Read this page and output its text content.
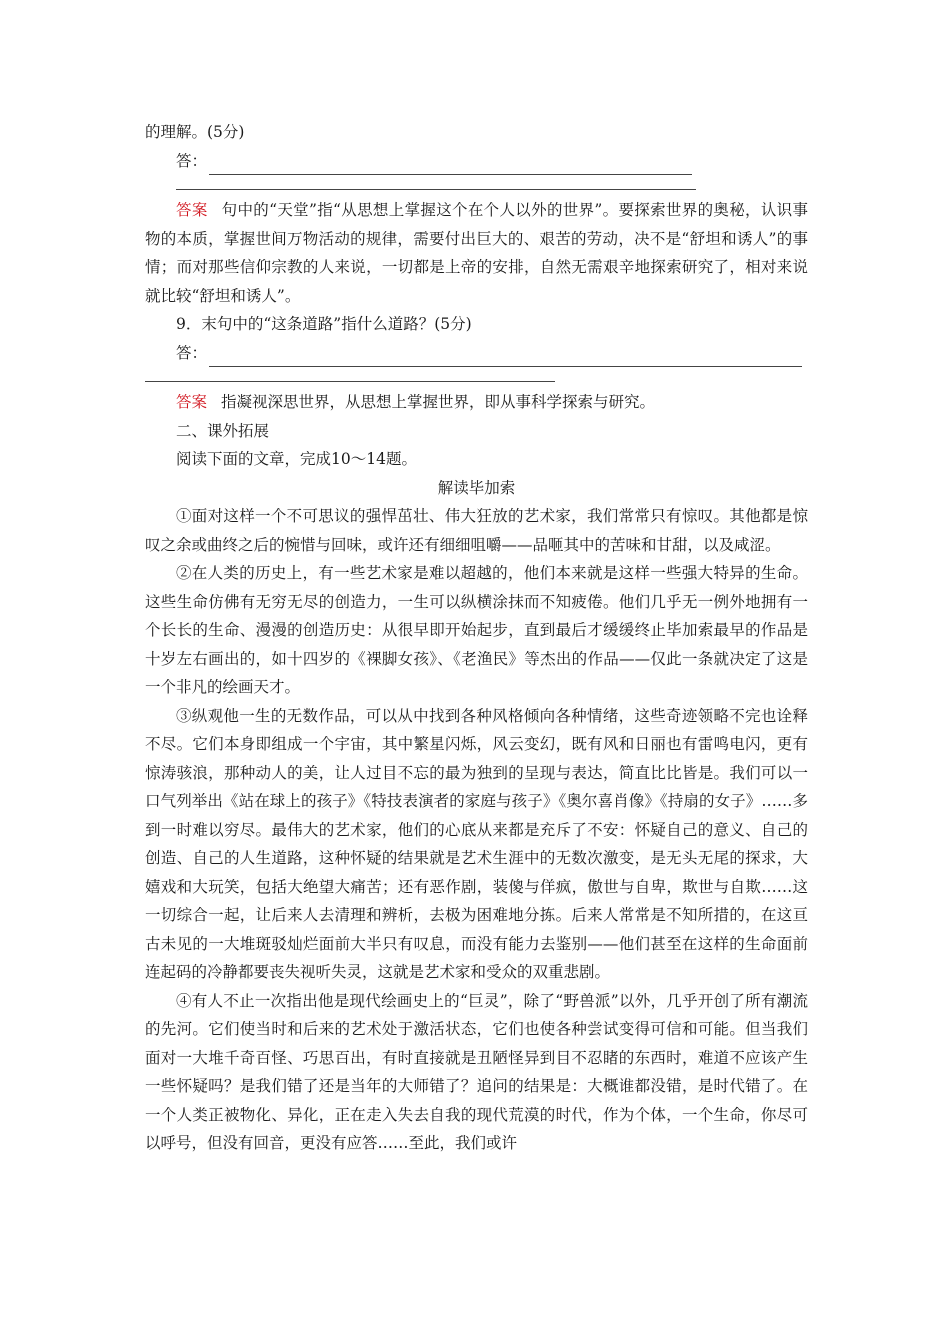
的理解。(5分)

答：

答案 句中的“天堂”指“从思想上掌握这个在个人以外的世界”。要探索世界的奥秘，认识事物的本质，掌握世间万物活动的规律，需要付出巨大的、艰苦的劳动，决不是“舒坦和诱人”的事情；而对那些信仰宗教的人来说，一切都是上帝的安排，自然无需艰辛地探索研究了，相对来说就比较“舒坦和诱人”。

9．末句中的“这条道路”指什么道路？(5分)

答：

答案 指凝视深思世界，从思想上掌握世界，即从事科学探索与研究。

二、课外拓展

阅读下面的文章，完成10～14题。

解读毕加索

①面对这样一个不可思议的强悍茁壮、伟大狂放的艺术家，我们常常只有惊叹。其他都是惊叹之余或曲终之后的惋惜与回味，或许还有细细咀嚼——品咂其中的苦味和甘甜，以及咸涩。

②在人类的历史上，有一些艺术家是难以超越的，他们本来就是这样一些强大特异的生命。这些生命仿佛有无穷无尽的创造力，一生可以纵横涂抹而不知疲倦。他们几乎无一例外地拥有一个长长的生命、漫漫的创造历史：从很早即开始起步，直到最后才缓缓终止毕加索最早的作品是十岁左右画出的，如十四岁的《裸脚女孩》、《老渔民》等杰出的作品——仅此一条就决定了这是一个非凡的绘画天才。

③纵观他一生的无数作品，可以从中找到各种风格倾向各种情绪，这些奇迹领略不完也诠释不尽。它们本身即组成一个宇宙，其中繁星闪烁，风云变幻，既有风和日丽也有雷鸣电闪，更有惊涛骇浪，那种动人的美，让人过目不忘的最为独到的呈现与表达，简直比比皆是。我们可以一口气列举出《站在球上的孩子》《特技表演者的家庭与孩子》《奥尔喜肖像》《持扇的女子》……多到一时难以穷尽。最伟大的艺术家，他们的心底从来都是充斥了不安：怀疑自己的意义、自己的创造、自己的人生道路，这种怀疑的结果就是艺术生涯中的无数次激变，是无头无尾的探求，大嬉戏和大玩笑，包括大绝望大痛苦；还有恶作剧，装傻与佯疯，傲世与自卑，欺世与自欺……这一切综合一起，让后来人去清理和辨析，去极为困难地分拣。后来人常常是不知所措的，在这亘古未见的一大堆斑驳灿烂面前大半只有叹息，而没有能力去鉴别——他们甚至在这样的生命面前连起码的冷静都要丧失视听失灵，这就是艺术家和受众的双重悲剧。

④有人不止一次指出他是现代绘画史上的“巨灵”，除了“野兽派”以外，几乎开创了所有潮流的先河。它们使当时和后来的艺术处于激活状态，它们也使各种尝试变得可信和可能。但当我们面对一大堆千奇百怪、巧思百出，有时直接就是丑陋怪异到目不忍睹的东西时，难道不应该产生一些怀疑吗？是我们错了还是当年的大师错了？追问的结果是：大概谁都没错，是时代错了。在一个人类正被物化、异化，正在走入失去自我的现代荒漠的时代，作为个体，一个生命，你尽可以呼号，但没有回音，更没有应答……至此，我们或许
